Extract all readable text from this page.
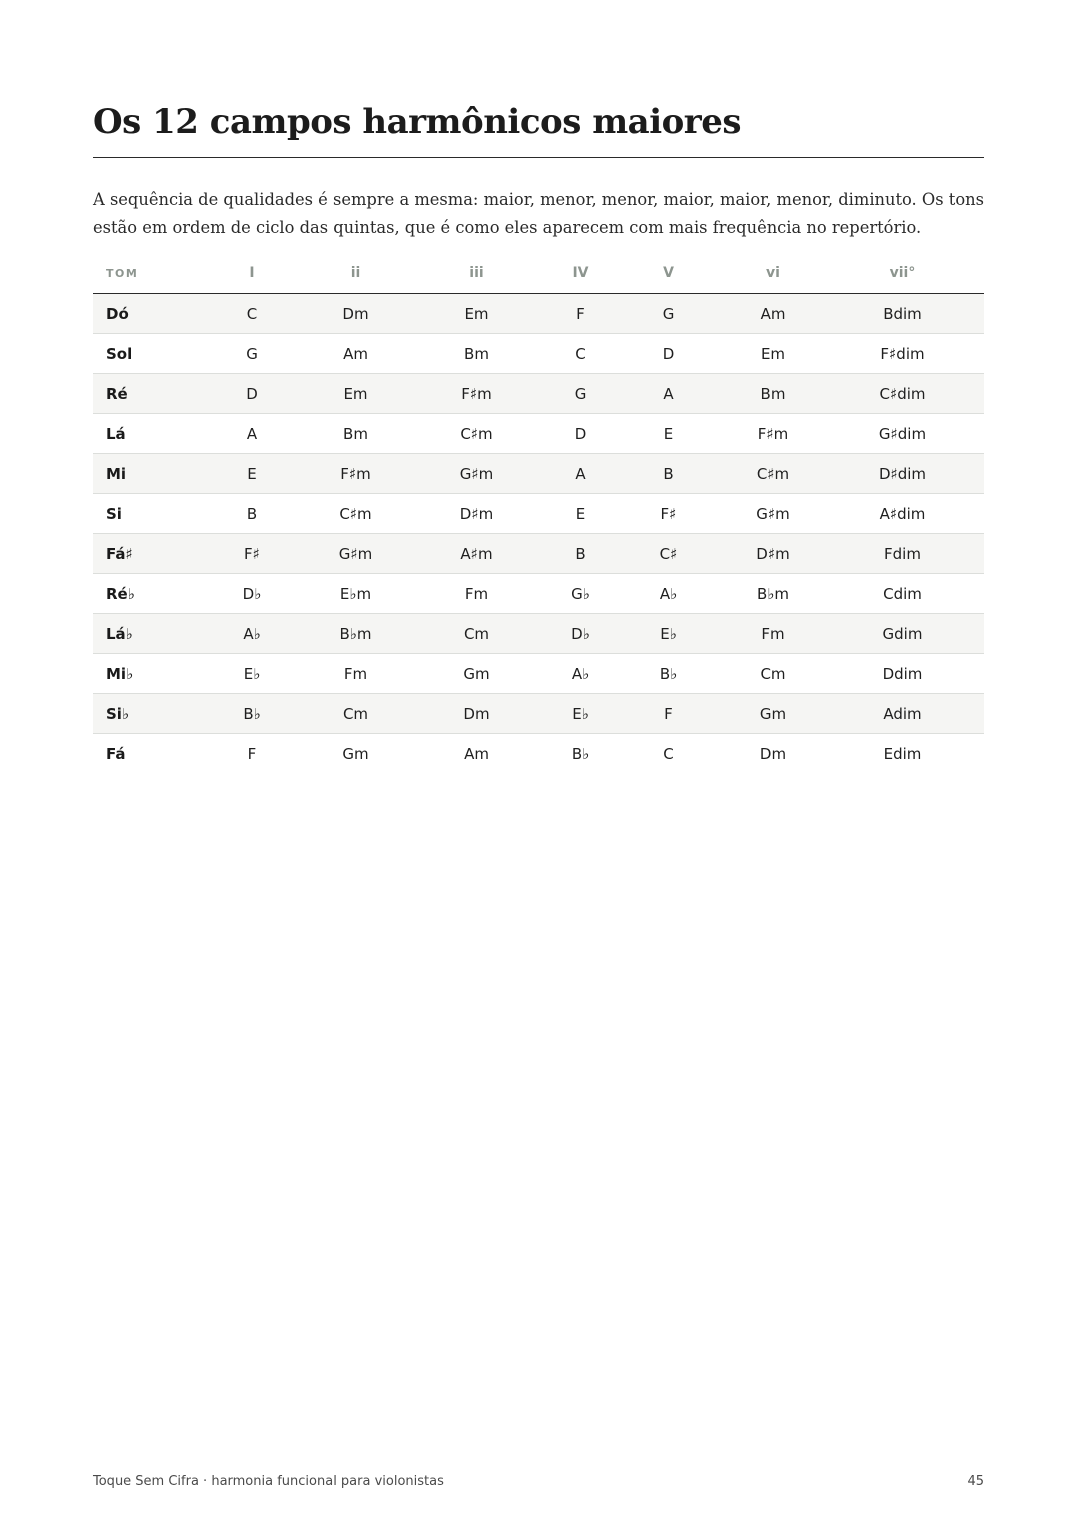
Os 12 campos harmônicos maiores

A sequência de qualidades é sempre a mesma: maior, menor, menor, maior, maior, menor, diminuto. Os tons estão em ordem de ciclo das quintas, que é como eles aparecem com mais frequência no repertório.

TOM	I	ii	iii	IV	V	vi	vii°
Dó	C	Dm	Em	F	G	Am	Bdim
Sol	G	Am	Bm	C	D	Em	F♯dim
Ré	D	Em	F♯m	G	A	Bm	C♯dim
Lá	A	Bm	C♯m	D	E	F♯m	G♯dim
Mi	E	F♯m	G♯m	A	B	C♯m	D♯dim
Si	B	C♯m	D♯m	E	F♯	G♯m	A♯dim
Fá♯	F♯	G♯m	A♯m	B	C♯	D♯m	Fdim
Ré♭	D♭	E♭m	Fm	G♭	A♭	B♭m	Cdim
Lá♭	A♭	B♭m	Cm	D♭	E♭	Fm	Gdim
Mi♭	E♭	Fm	Gm	A♭	B♭	Cm	Ddim
Si♭	B♭	Cm	Dm	E♭	F	Gm	Adim
Fá	F	Gm	Am	B♭	C	Dm	Edim
Toque Sem Cifra · harmonia funcional para violonistas	45
